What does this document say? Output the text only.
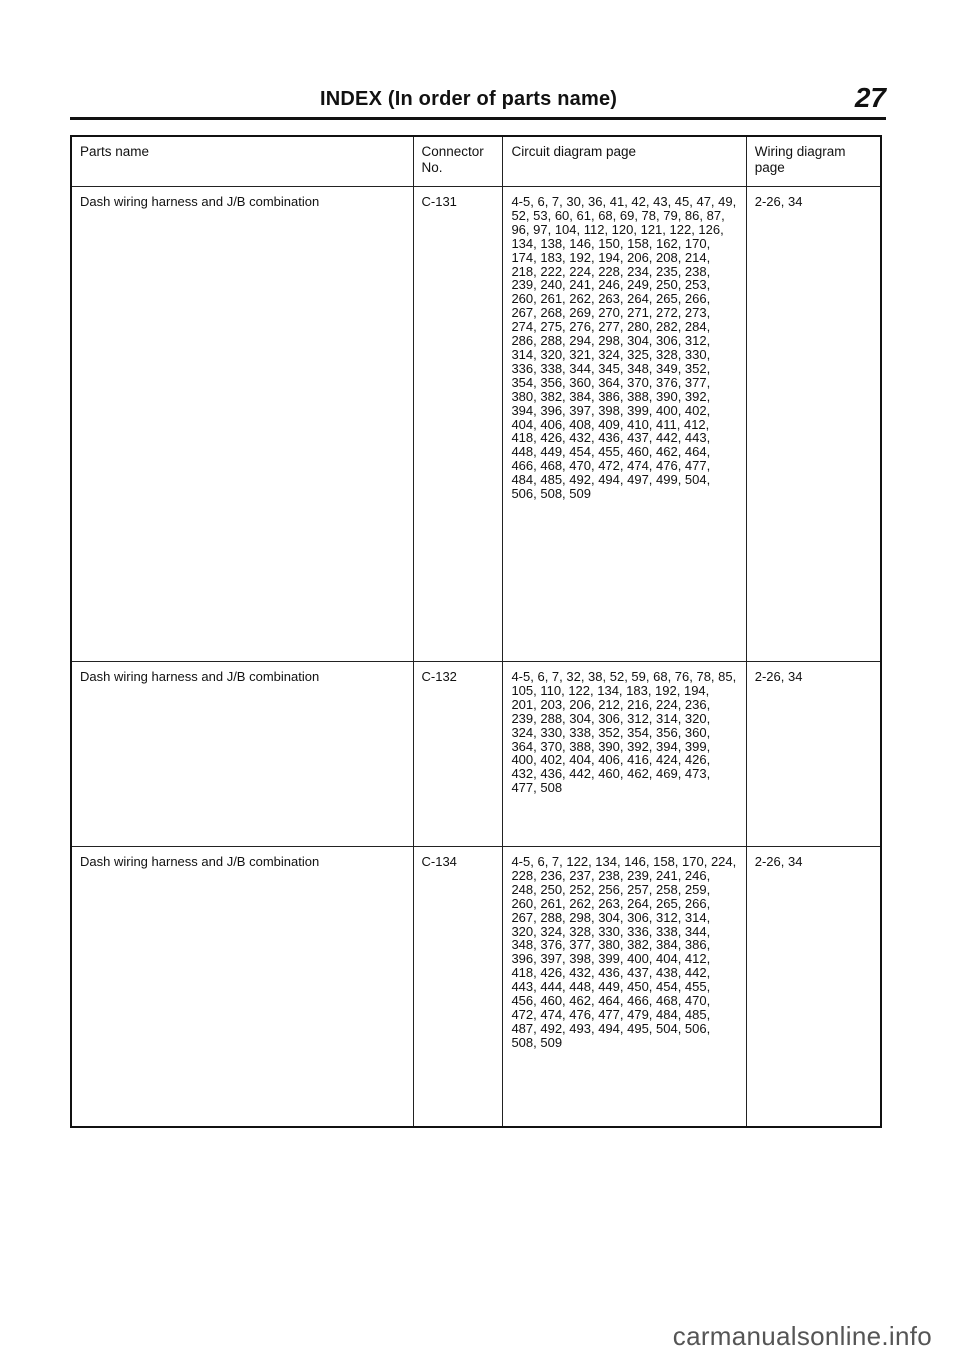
INDEX (In order of parts name)	27
Parts name	Connector No.	Circuit diagram page	Wiring diagram page
Dash wiring harness and J/B combination	C-131	4-5, 6, 7, 30, 36, 41, 42, 43, 45, 47, 49, 52, 53, 60, 61, 68, 69, 78, 79, 86, 87, 96, 97, 104, 112, 120, 121, 122, 126, 134, 138, 146, 150, 158, 162, 170, 174, 183, 192, 194, 206, 208, 214, 218, 222, 224, 228, 234, 235, 238, 239, 240, 241, 246, 249, 250, 253, 260, 261, 262, 263, 264, 265, 266, 267, 268, 269, 270, 271, 272, 273, 274, 275, 276, 277, 280, 282, 284, 286, 288, 294, 298, 304, 306, 312, 314, 320, 321, 324, 325, 328, 330, 336, 338, 344, 345, 348, 349, 352, 354, 356, 360, 364, 370, 376, 377, 380, 382, 384, 386, 388, 390, 392, 394, 396, 397, 398, 399, 400, 402, 404, 406, 408, 409, 410, 411, 412, 418, 426, 432, 436, 437, 442, 443, 448, 449, 454, 455, 460, 462, 464, 466, 468, 470, 472, 474, 476, 477, 484, 485, 492, 494, 497, 499, 504, 506, 508, 509	2-26, 34
Dash wiring harness and J/B combination	C-132	4-5, 6, 7, 32, 38, 52, 59, 68, 76, 78, 85, 105, 110, 122, 134, 183, 192, 194, 201, 203, 206, 212, 216, 224, 236, 239, 288, 304, 306, 312, 314, 320, 324, 330, 338, 352, 354, 356, 360, 364, 370, 388, 390, 392, 394, 399, 400, 402, 404, 406, 416, 424, 426, 432, 436, 442, 460, 462, 469, 473, 477, 508	2-26, 34
Dash wiring harness and J/B combination	C-134	4-5, 6, 7, 122, 134, 146, 158, 170, 224, 228, 236, 237, 238, 239, 241, 246, 248, 250, 252, 256, 257, 258, 259, 260, 261, 262, 263, 264, 265, 266, 267, 288, 298, 304, 306, 312, 314, 320, 324, 328, 330, 336, 338, 344, 348, 376, 377, 380, 382, 384, 386, 396, 397, 398, 399, 400, 404, 412, 418, 426, 432, 436, 437, 438, 442, 443, 444, 448, 449, 450, 454, 455, 456, 460, 462, 464, 466, 468, 470, 472, 474, 476, 477, 479, 484, 485, 487, 492, 493, 494, 495, 504, 506, 508, 509	2-26, 34
carmanualsonline.info
